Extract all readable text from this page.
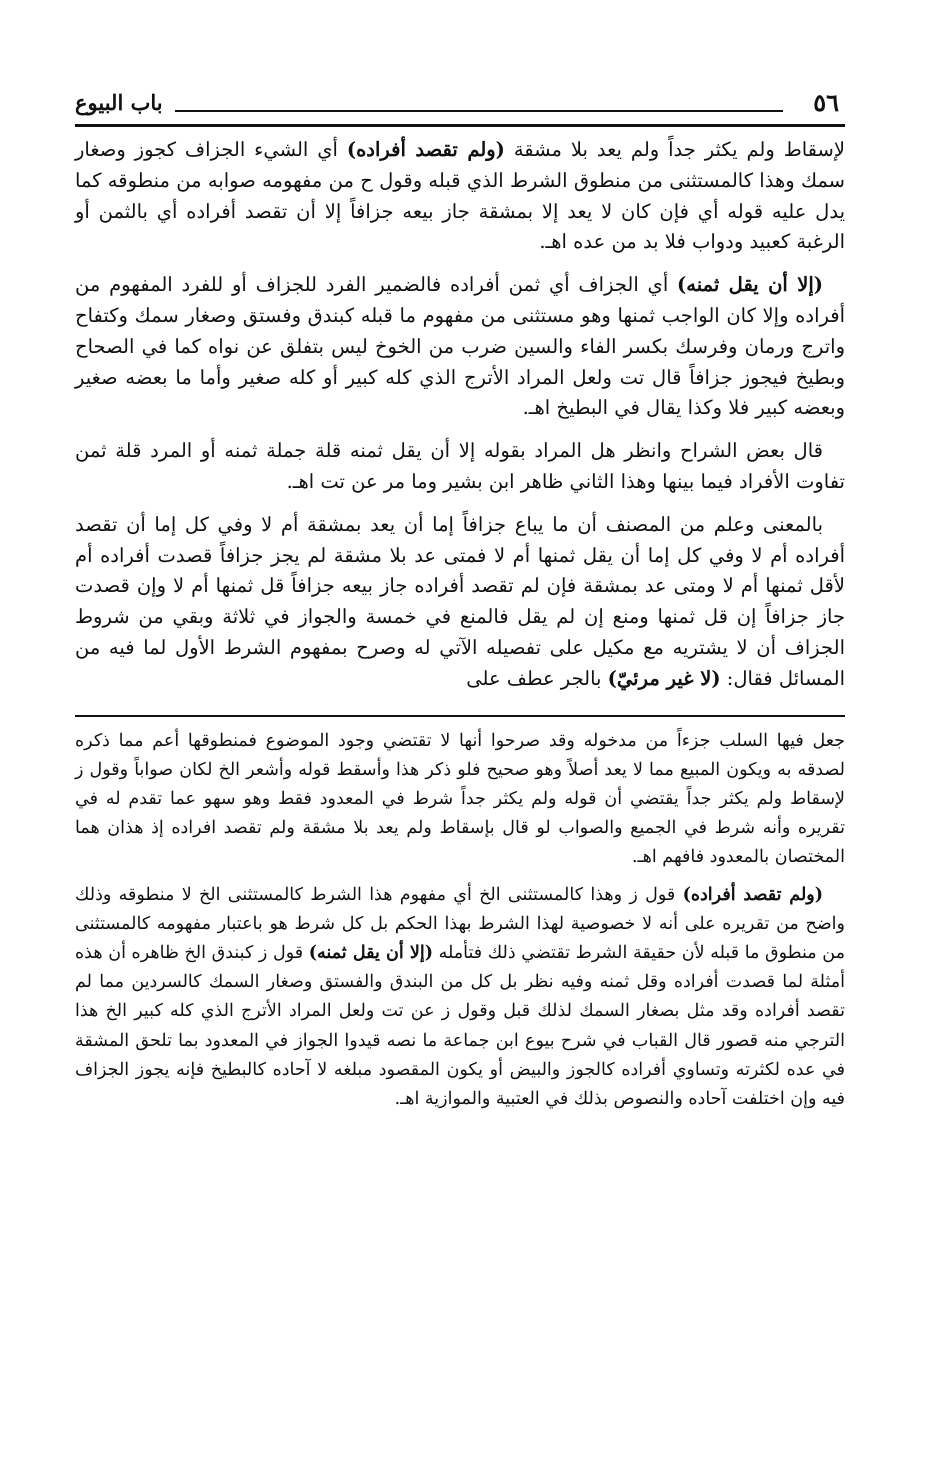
٥٦
باب البيوع

لإسقاط ولم يكثر جداً ولم يعد بلا مشقة (ولم تقصد أفراده) أي الشيء الجزاف كجوز وصغار سمك وهذا كالمستثنى من منطوق الشرط الذي قبله وقول ح من مفهومه صوابه من منطوقه كما يدل عليه قوله أي فإن كان لا يعد إلا بمشقة جاز بيعه جزافاً إلا أن تقصد أفراده أي بالثمن أو الرغبة كعبيد ودواب فلا بد من عده اهـ.

(إلا أن يقل ثمنه) أي الجزاف أي ثمن أفراده فالضمير الفرد للجزاف أو للفرد المفهوم من أفراده وإلا كان الواجب ثمنها وهو مستثنى من مفهوم ما قبله كبندق وفستق وصغار سمك وكتفاح واترج ورمان وفرسك بكسر الفاء والسين ضرب من الخوخ ليس بتفلق عن نواه كما في الصحاح وبطيخ فيجوز جزافاً قال تت ولعل المراد الأترج الذي كله كبير أو كله صغير وأما ما بعضه صغير وبعضه كبير فلا وكذا يقال في البطيخ اهـ.

قال بعض الشراح وانظر هل المراد بقوله إلا أن يقل ثمنه قلة جملة ثمنه أو المرد قلة ثمن تفاوت الأفراد فيما بينها وهذا الثاني ظاهر ابن بشير وما مر عن تت اهـ.

بالمعنى وعلم من المصنف أن ما يباع جزافاً إما أن يعد بمشقة أم لا وفي كل إما أن تقصد أفراده أم لا وفي كل إما أن يقل ثمنها أم لا فمتى عد بلا مشقة لم يجز جزافاً قصدت أفراده أم لأقل ثمنها أم لا ومتى عد بمشقة فإن لم تقصد أفراده جاز بيعه جزافاً قل ثمنها أم لا وإن قصدت جاز جزافاً إن قل ثمنها ومنع إن لم يقل فالمنع في خمسة والجواز في ثلاثة وبقي من شروط الجزاف أن لا يشتريه مع مكيل على تفصيله الآتي له وصرح بمفهوم الشرط الأول لما فيه من المسائل فقال: (لا غير مرئيّ) بالجر عطف على

جعل فيها السلب جزءاً من مدخوله وقد صرحوا أنها لا تقتضي وجود الموضوع فمنطوقها أعم مما ذكره لصدقه به ويكون المبيع مما لا يعد أصلاً وهو صحيح فلو ذكر هذا وأسقط قوله وأشعر الخ لكان صواباً وقول ز لإسقاط ولم يكثر جداً يقتضي أن قوله ولم يكثر جداً شرط في المعدود فقط وهو سهو عما تقدم له في تقريره وأنه شرط في الجميع والصواب لو قال بإسقاط ولم يعد بلا مشقة ولم تقصد افراده إذ هذان هما المختصان بالمعدود فافهم اهـ.

(ولم تقصد أفراده) قول ز وهذا كالمستثنى الخ أي مفهوم هذا الشرط كالمستثنى الخ لا منطوقه وذلك واضح من تقريره على أنه لا خصوصية لهذا الشرط بهذا الحكم بل كل شرط هو باعتبار مفهومه كالمستثنى من منطوق ما قبله لأن حقيقة الشرط تقتضي ذلك فتأمله (إلا أن يقل ثمنه) قول ز كبندق الخ ظاهره أن هذه أمثلة لما قصدت أفراده وقل ثمنه وفيه نظر بل كل من البندق والفستق وصغار السمك كالسردين مما لم تقصد أفراده وقد مثل بصغار السمك لذلك قبل وقول ز عن تت ولعل المراد الأترج الذي كله كبير الخ هذا الترجي منه قصور قال القباب في شرح بيوع ابن جماعة ما نصه قيدوا الجواز في المعدود بما تلحق المشقة في عده لكثرته وتساوي أفراده كالجوز والبيض أو يكون المقصود مبلغه لا آحاده كالبطيخ فإنه يجوز الجزاف فيه وإن اختلفت آحاده والنصوص بذلك في العتبية والموازية اهـ.
